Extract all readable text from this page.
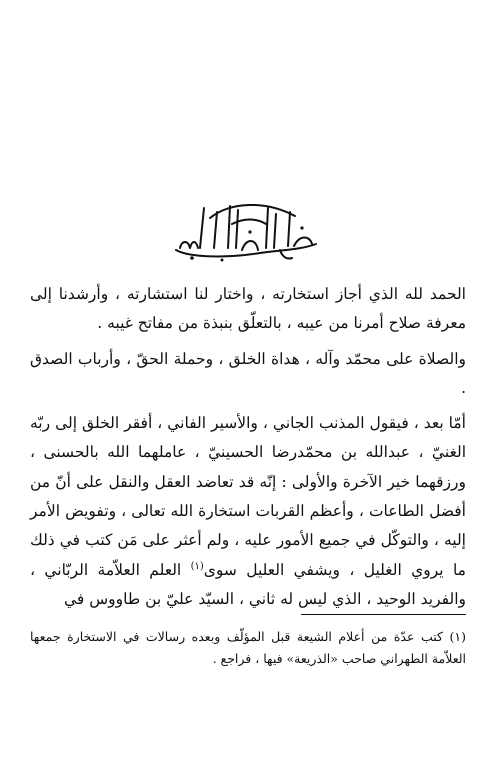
الحمد لله الذي أجاز استخارته ، واختار لنا استشارته ، وأرشدنا إلى معرفة صلاح أمرنا من عيبه ، بالتعلّق بنبذة من مفاتح غيبه .

والصلاة على محمّد وآله ، هداة الخلق ، وحملة الحقّ ، وأرباب الصدق .

أمّا بعد ، فيقول المذنب الجاني ، والأسير الفاني ، أفقر الخلق إلى ربّه الغنيّ ، عبدالله بن محمّدرضا الحسينيّ ، عاملهما الله بالحسنى ، ورزقهما خير الآخرة والأولى : إنّه قد تعاضد العقل والنقل على أنّ من أفضل الطاعات ، وأعظم القربات استخارة الله تعالى ، وتفويض الأمر إليه ، والتوكّل في جميع الأمور عليه ، ولم أعثر على مَن كتب في ذلك ما يروي الغليل ، ويشفي العليل سوى$^{(١)}$ العلم العلاّمة الربّاني ، والفريد الوحيد ، الذي ليس له ثاني ، السيّد عليّ بن طاووس في

(١) كتب عدّة من أعلام الشيعة قبل المؤلّف وبعده رسالات في الاستخارة جمعها العلاّمة الطهراني صاحب «الذريعة» فيها ، فراجع .
